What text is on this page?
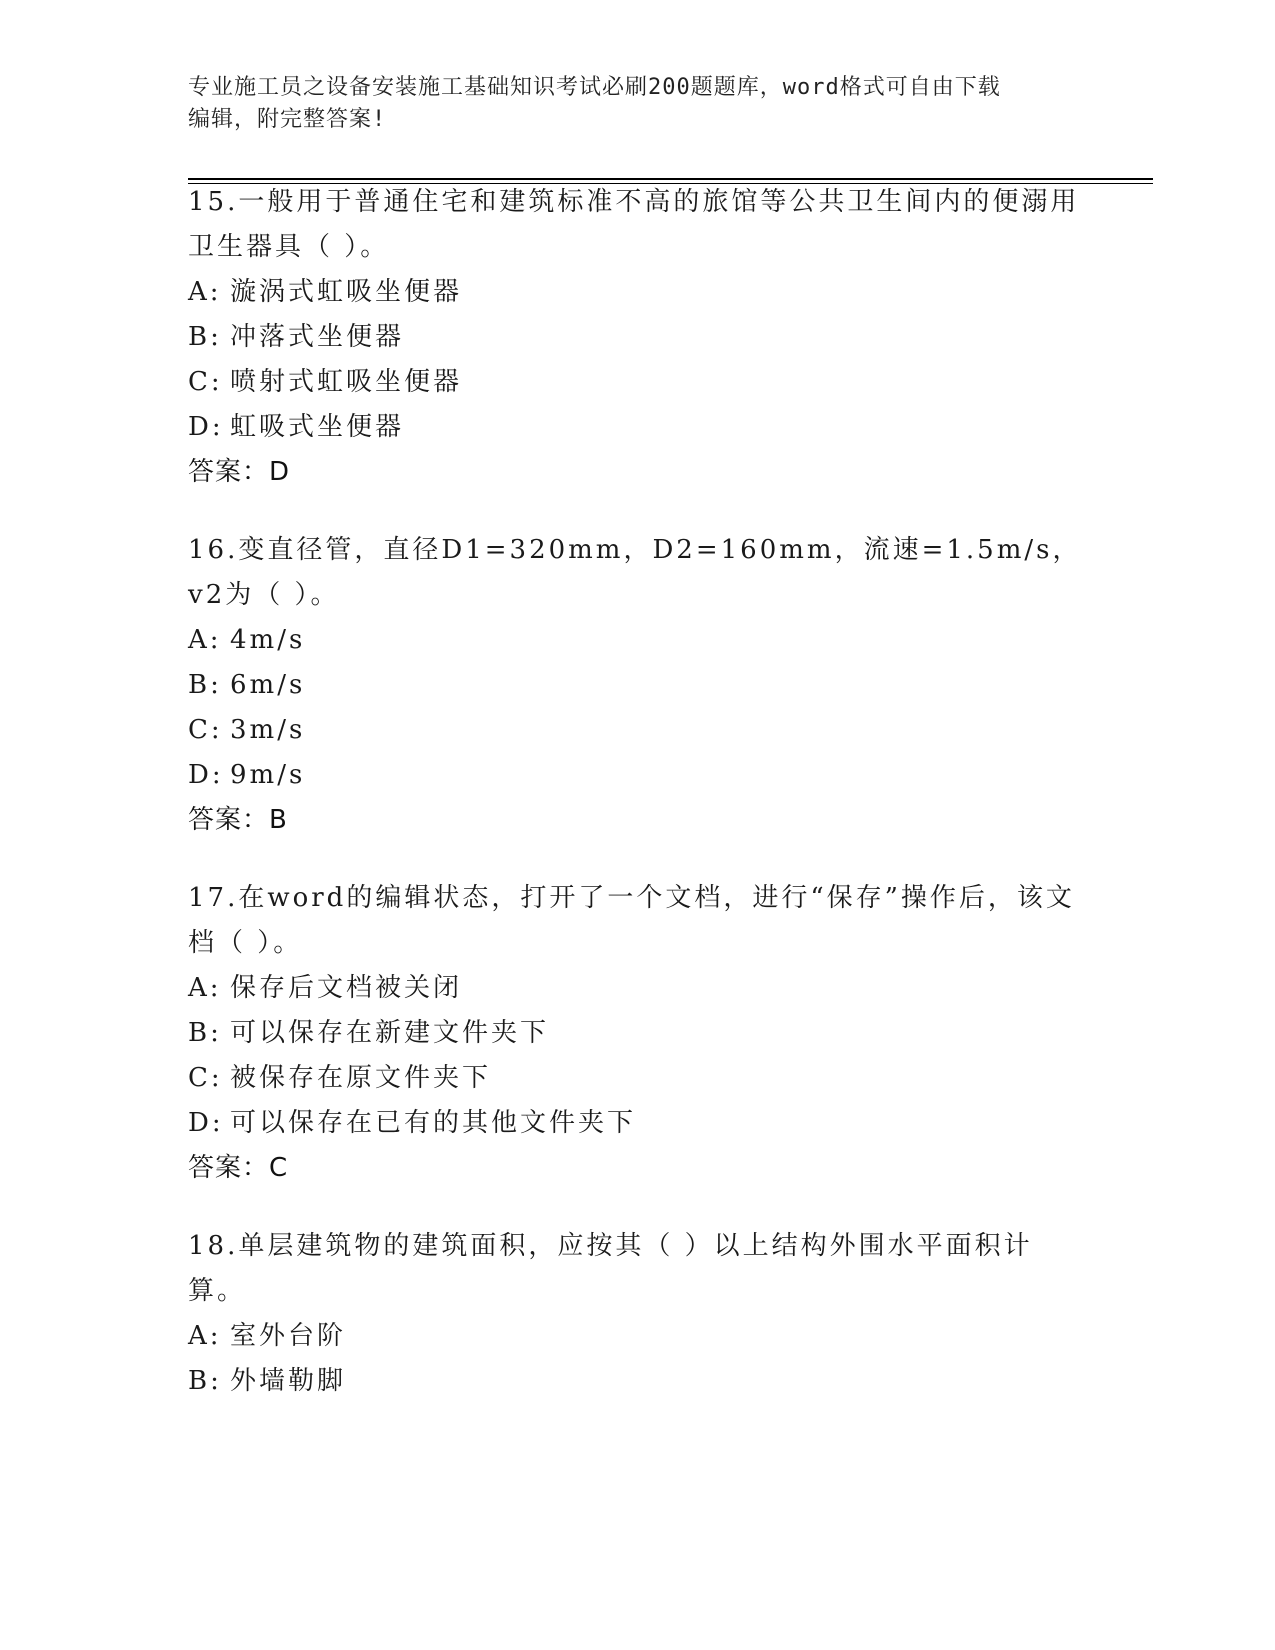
专业施工员之设备安装施工基础知识考试必刷200题题库，word格式可自由下载
编辑，附完整答案!
15.一般用于普通住宅和建筑标准不高的旅馆等公共卫生间内的便溺用卫生器具（ ）。
A: 漩涡式虹吸坐便器
B: 冲落式坐便器
C: 喷射式虹吸坐便器
D: 虹吸式坐便器
答案：D
16.变直径管，直径D1=320mm，D2=160mm，流速=1.5m/s，v2为（ ）。
A: 4m/s
B: 6m/s
C: 3m/s
D: 9m/s
答案：B
17.在word的编辑状态，打开了一个文档，进行“保存”操作后，该文档（ ）。
A: 保存后文档被关闭
B: 可以保存在新建文件夹下
C: 被保存在原文件夹下
D: 可以保存在已有的其他文件夹下
答案：C
18.单层建筑物的建筑面积，应按其（ ）以上结构外围水平面积计算。
A: 室外台阶
B: 外墙勒脚
